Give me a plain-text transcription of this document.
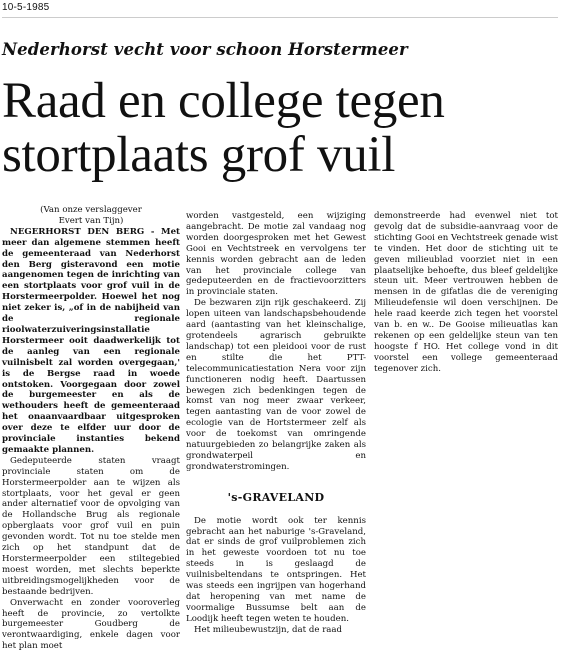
10-5-1985
Nederhorst vecht voor schoon Horstermeer
Raad en college tegen
stortplaats grof vuil
(Van onze verslaggever
Evert van Tijn)

NEGERHORST DEN BERG - Met meer dan algemene stemmen heeft de gemeenteraad van Nederhorst den Berg gisteravond een motie aangenomen tegen de inrichting van een stortplaats voor grof vuil in de Horstermeerpolder. Hoewel het nog niet zeker is, „of in de nabijheid van de regionale rioolwaterzuiveringsinstallatie Horstermeer ooit daadwerkelijk tot de aanleg van een regionale vuilnisbelt zal worden overgegaan,' is de Bergse raad in woede ontstoken. Voorgegaan door zowel de burgemeester en als de wethouders heeft de gemeenteraad het onaanvaardbaar uitgesproken over deze te elfder uur door de provinciale instanties bekend gemaakte plannen.

Gedeputeerde staten vraagt provinciale staten om de Horstermeerpolder aan te wijzen als stortplaats, voor het geval er geen ander alternatief voor de opvolging van de Hollandsche Brug als regionale opberglaats voor grof vuil en puin gevonden wordt. Tot nu toe stelde men zich op het standpunt dat de Horstermeerpolder een stiltegebied moest worden, met slechts beperkte uitbreidingsmogelijkheden voor de bestaande bedrijven.

Onverwacht en zonder vooroverleg heeft de provincie, zo vertolkte burgemeester Goudberg de verontwaardiging, enkele dagen voor het plan moet

worden vastgesteld, een wijziging aangebracht. De motie zal vandaag nog worden doorgesproken met het Gewest Gooi en Vechtstreek en vervolgens ter kennis worden gebracht aan de leden van het provinciale college van gedeputeerden en de fractievoorzitters in provinciale staten.

De bezwaren zijn rijk geschakeerd. Zij lopen uiteen van landschapsbehoudende aard (aantasting van het kleinschalige, grotendeels agrarisch gebruikte landschap) tot een pleidooi voor de rust en stilte die het PTT-telecommunicatiestation Nera voor zijn functioneren nodig heeft. Daartussen bewegen zich bedenkingen tegen de komst van nog meer zwaar verkeer, tegen aantasting van de voor zowel de ecologie van de Hortstermeer zelf als voor de toekomst van omringende natuurgebieden zo belangrijke zaken als grondwaterpeil en grondwaterstromingen.

's-GRAVELAND

De motie wordt ook ter kennis gebracht aan het naburige 's-Graveland, dat er sinds de grof vuilproblemen zich in het geweste voordoen tot nu toe steeds in is geslaagd de vuilnisbeltendans te ontspringen. Het was steeds een ingrijpen van hogerhand dat heropening van met name de voormalige Bussumse belt aan de Loodijk heeft tegen weten te houden.

Het milieubewustzijn, dat de raad

demonstreerde had evenwel niet tot gevolg dat de subsidie-aanvraag voor de stichting Gooi en Vechtstreek genade wist te vinden. Het door de stichting uit te geven milieublad voorziet niet in een plaatselijke behoefte, dus bleef geldelijke steun uit. Meer vertrouwen hebben de mensen in de gifatlas die de vereniging Milieudefensie wil doen verschijnen. De hele raad keerde zich tegen het voorstel van b. en w.. De Gooise milieuatlas kan rekenen op een geldelijke steun van ten hoogste f HO. Het college vond in dit voorstel een vollege gemeenteraad tegenover zich.
